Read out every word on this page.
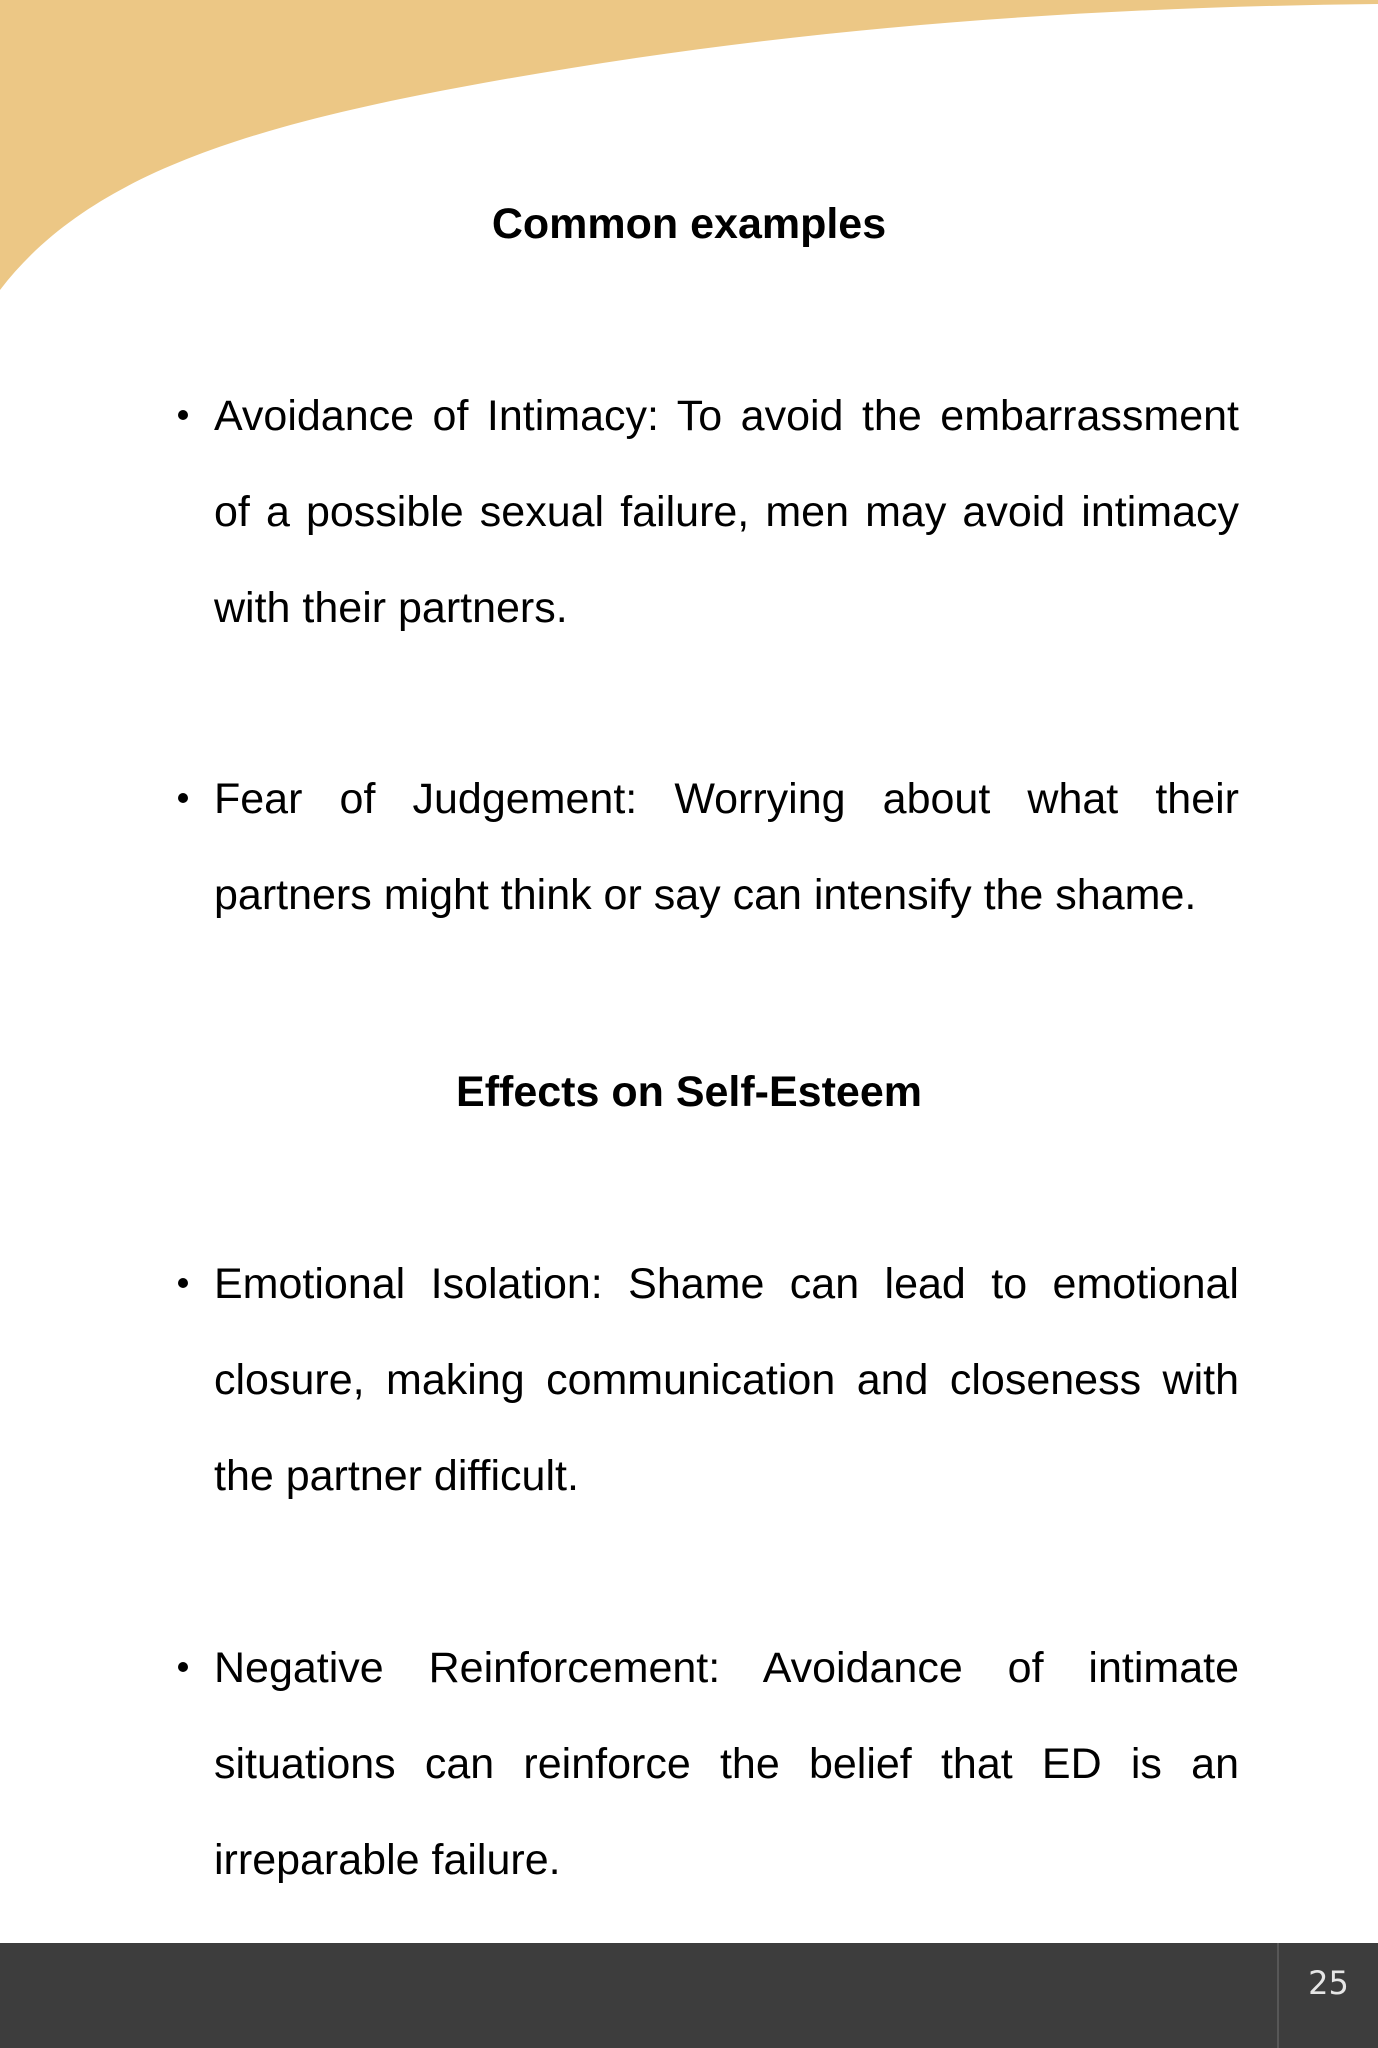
Common examples
Avoidance of Intimacy: To avoid the embarrassment of a possible sexual failure, men may avoid intimacy with their partners.
Fear of Judgement: Worrying about what their partners might think or say can intensify the shame.
Effects on Self-Esteem
Emotional Isolation: Shame can lead to emotional closure, making communication and closeness with the partner difficult.
Negative Reinforcement: Avoidance of intimate situations can reinforce the belief that ED is an irreparable failure.
25
